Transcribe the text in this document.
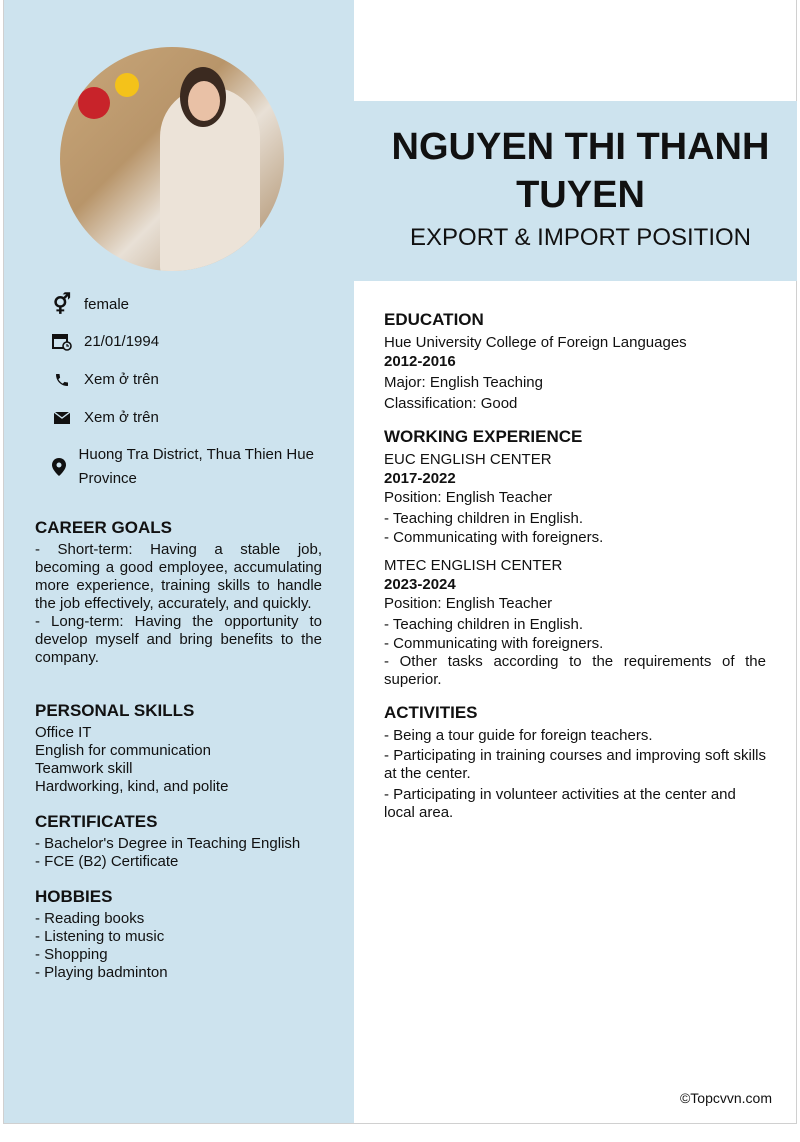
⚥ female
21/01/1994
Xem ở trên
Xem ở trên
Huong Tra District, Thua Thien Hue Province
CAREER GOALS
- Short-term: Having a stable job, becoming a good employee, accumulating more experience, training skills to handle the job effectively, accurately, and quickly.
- Long-term: Having the opportunity to develop myself and bring benefits to the company.
PERSONAL SKILLS
Office IT
English for communication
Teamwork skill
Hardworking, kind, and polite
CERTIFICATES
- Bachelor's Degree in Teaching English
- FCE (B2) Certificate
HOBBIES
- Reading books
- Listening to music
- Shopping
- Playing badminton
NGUYEN THI THANH TUYEN
EXPORT & IMPORT POSITION
EDUCATION
Hue University College of Foreign Languages
2012-2016
Major: English Teaching
Classification: Good
WORKING EXPERIENCE
EUC ENGLISH CENTER
2017-2022
Position: English Teacher
- Teaching children in English.
- Communicating with foreigners.
MTEC ENGLISH CENTER
2023-2024
Position: English Teacher
- Teaching children in English.
- Communicating with foreigners.
- Other tasks according to the requirements of the superior.
ACTIVITIES
- Being a tour guide for foreign teachers.
- Participating in training courses and improving soft skills at the center.
- Participating in volunteer activities at the center and local area.
©Topcvvn.com
